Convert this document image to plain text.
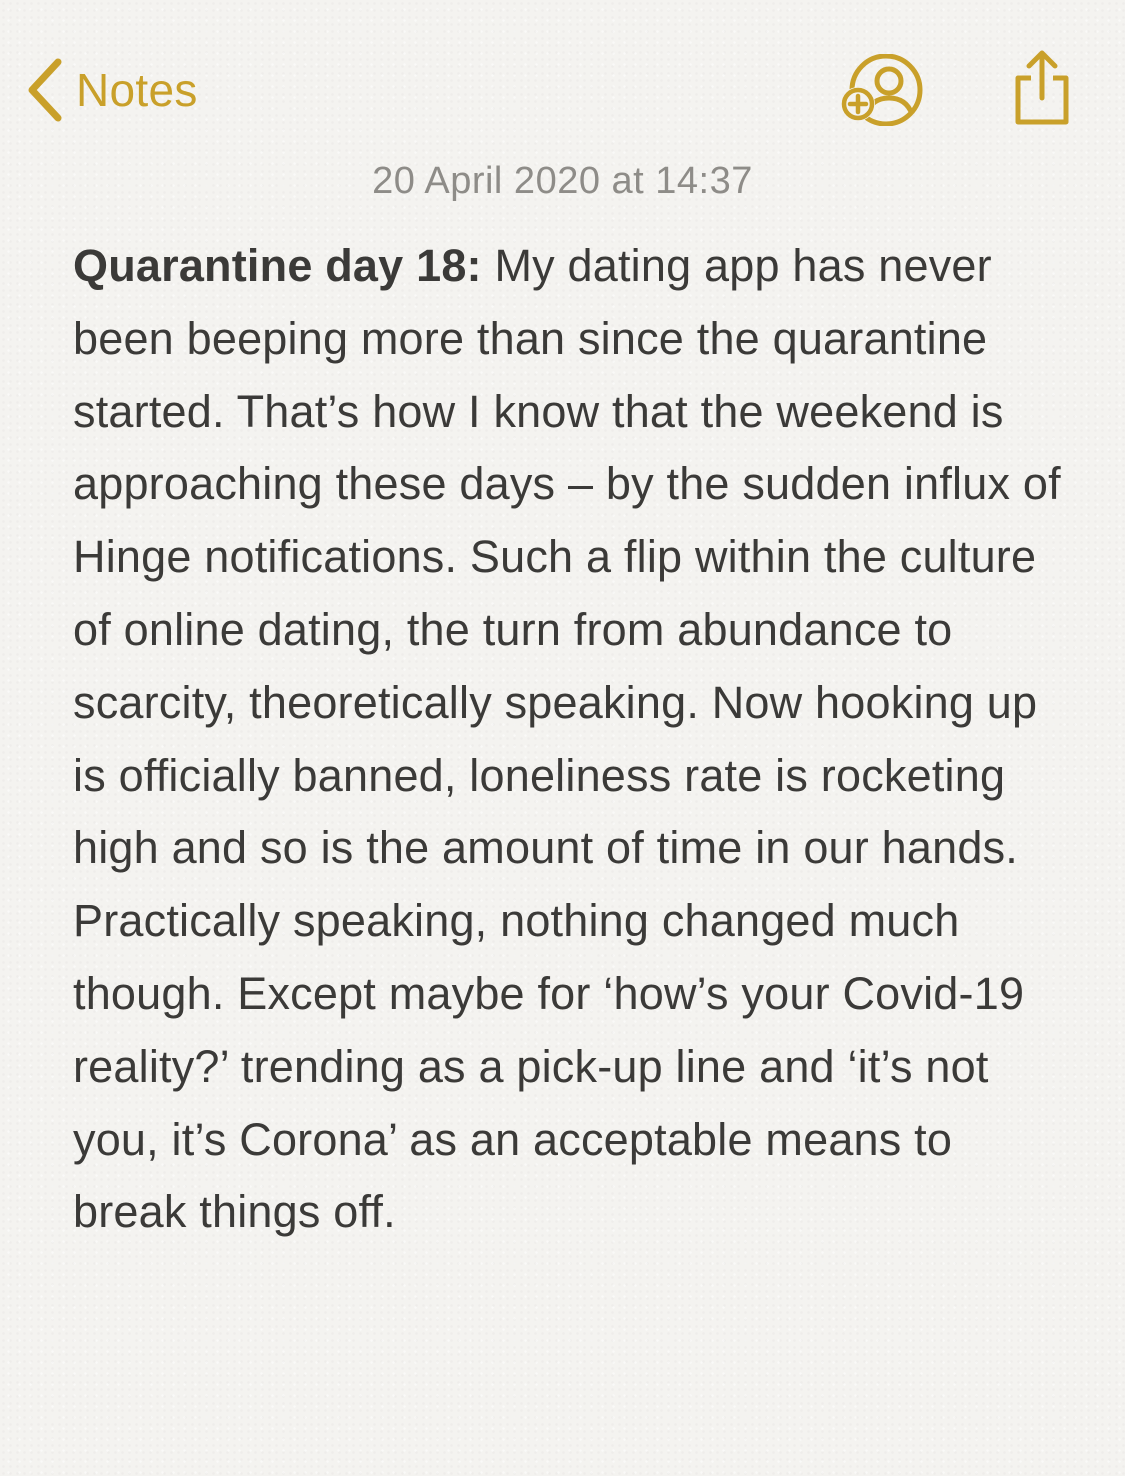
Notes
20 April 2020 at 14:37
Quarantine day 18: My dating app has never been beeping more than since the quarantine started. That’s how I know that the weekend is approaching these days – by the sudden influx of Hinge notifications. Such a flip within the culture of online dating, the turn from abundance to scarcity, theoretically speaking. Now hooking up is officially banned, loneliness rate is rocketing high and so is the amount of time in our hands. Practically speaking, nothing changed much though. Except maybe for ‘how’s your Covid-19 reality?’ trending as a pick-up line and ‘it’s not you, it’s Corona’ as an acceptable means to break things off.
